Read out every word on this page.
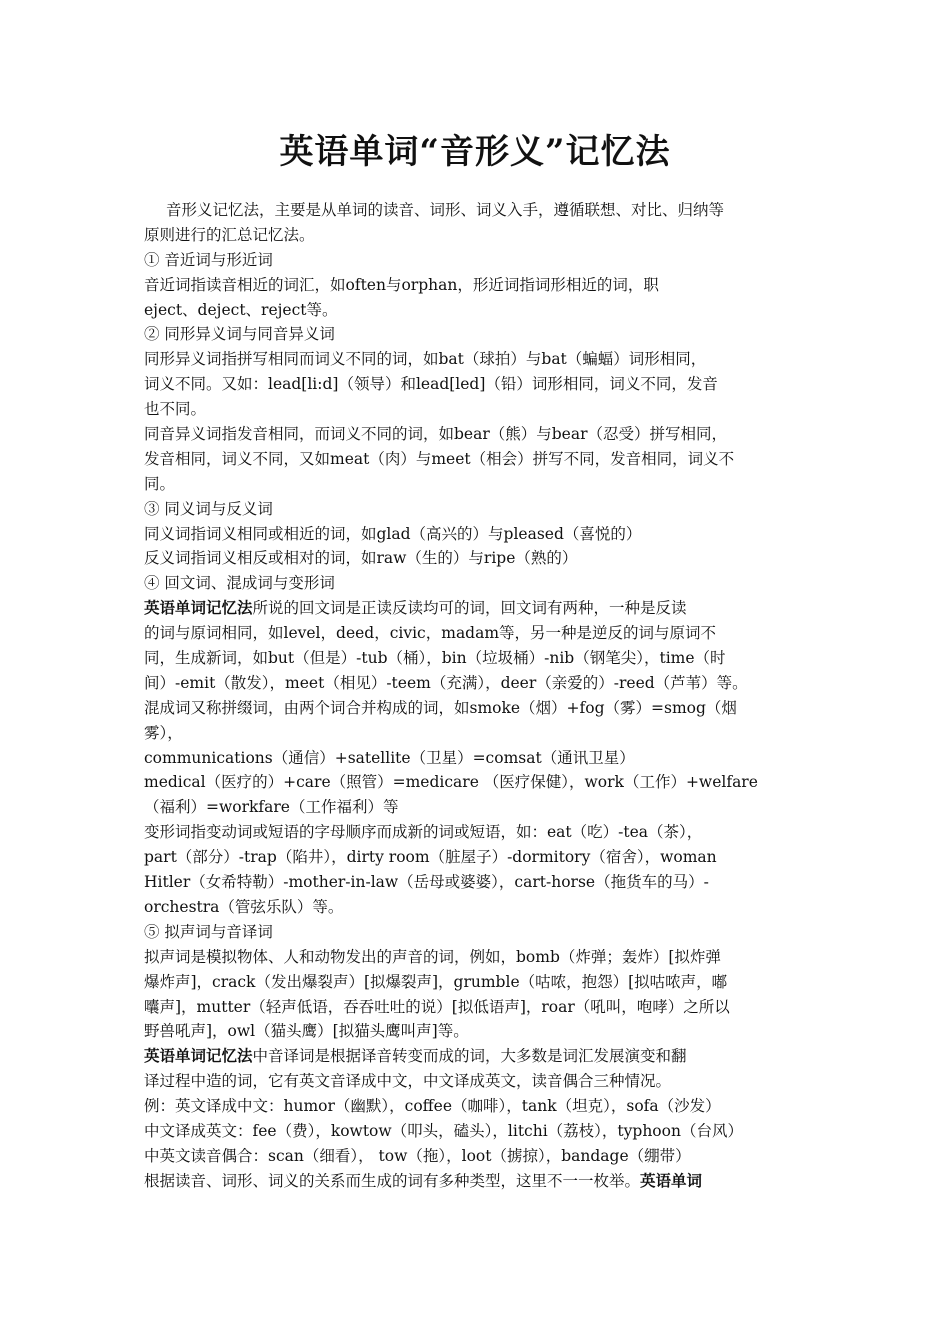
英语单词“音形义”记忆法
音形义记忆法，主要是从单词的读音、词形、词义入手，遵循联想、对比、归纳等
原则进行的汇总记忆法。
① 音近词与形近词
音近词指读音相近的词汇，如often与orphan，形近词指词形相近的词，职
eject、deject、reject等。
② 同形异义词与同音异义词
同形异义词指拼写相同而词义不同的词，如bat（球拍）与bat（蝙蝠）词形相同，
词义不同。又如：lead[li:d]（领导）和lead[led]（铅）词形相同，词义不同，发音
也不同。
同音异义词指发音相同，而词义不同的词，如bear（熊）与bear（忍受）拼写相同，
发音相同，词义不同，又如meat（肉）与meet（相会）拼写不同，发音相同，词义不
同。
③ 同义词与反义词
同义词指词义相同或相近的词，如glad（高兴的）与pleased（喜悦的）
反义词指词义相反或相对的词，如raw（生的）与ripe（熟的）
④ 回文词、混成词与变形词
英语单词记忆法所说的回文词是正读反读均可的词，回文词有两种，一种是反读
的词与原词相同，如level，deed，civic，madam等，另一种是逆反的词与原词不
同，生成新词，如but（但是）-tub（桶），bin（垃圾桶）-nib（钢笔尖），time（时
间）-emit（散发），meet（相见）-teem（充满），deer（亲爱的）-reed（芦苇）等。
混成词又称拼缀词，由两个词合并构成的词，如smoke（烟）+fog（雾）=smog（烟
雾），
communications（通信）+satellite（卫星）=comsat（通讯卫星）
medical（医疗的）+care（照管）=medicare （医疗保健），work（工作）+welfare
（福利）=workfare（工作福利）等
变形词指变动词或短语的字母顺序而成新的词或短语，如：eat（吃）-tea（茶），
part（部分）-trap（陷井），dirty room（脏屋子）-dormitory（宿舍），woman
Hitler（女希特勒）-mother-in-law（岳母或婆婆），cart-horse（拖货车的马）-
orchestra（管弦乐队）等。
⑤ 拟声词与音译词
拟声词是模拟物体、人和动物发出的声音的词，例如，bomb（炸弹；轰炸）[拟炸弹
爆炸声]，crack（发出爆裂声）[拟爆裂声]，grumble（咕哝，抱怨）[拟咕哝声，嘟
囔声]，mutter（轻声低语，吞吞吐吐的说）[拟低语声]，roar（吼叫，咆哮）之所以
野兽吼声]，owl（猫头鹰）[拟猫头鹰叫声]等。
英语单词记忆法中音译词是根据译音转变而成的词，大多数是词汇发展演变和翻
译过程中造的词，它有英文音译成中文，中文译成英文，读音偶合三种情况。
例：英文译成中文：humor（幽默），coffee（咖啡），tank（坦克），sofa（沙发）
中文译成英文：fee（费），kowtow（叩头，磕头），litchi（荔枝），typhoon（台风）
中英文读音偶合：scan（细看）， tow（拖），loot（掳掠），bandage（绷带）
根据读音、词形、词义的关系而生成的词有多种类型，这里不一一枚举。英语单词
